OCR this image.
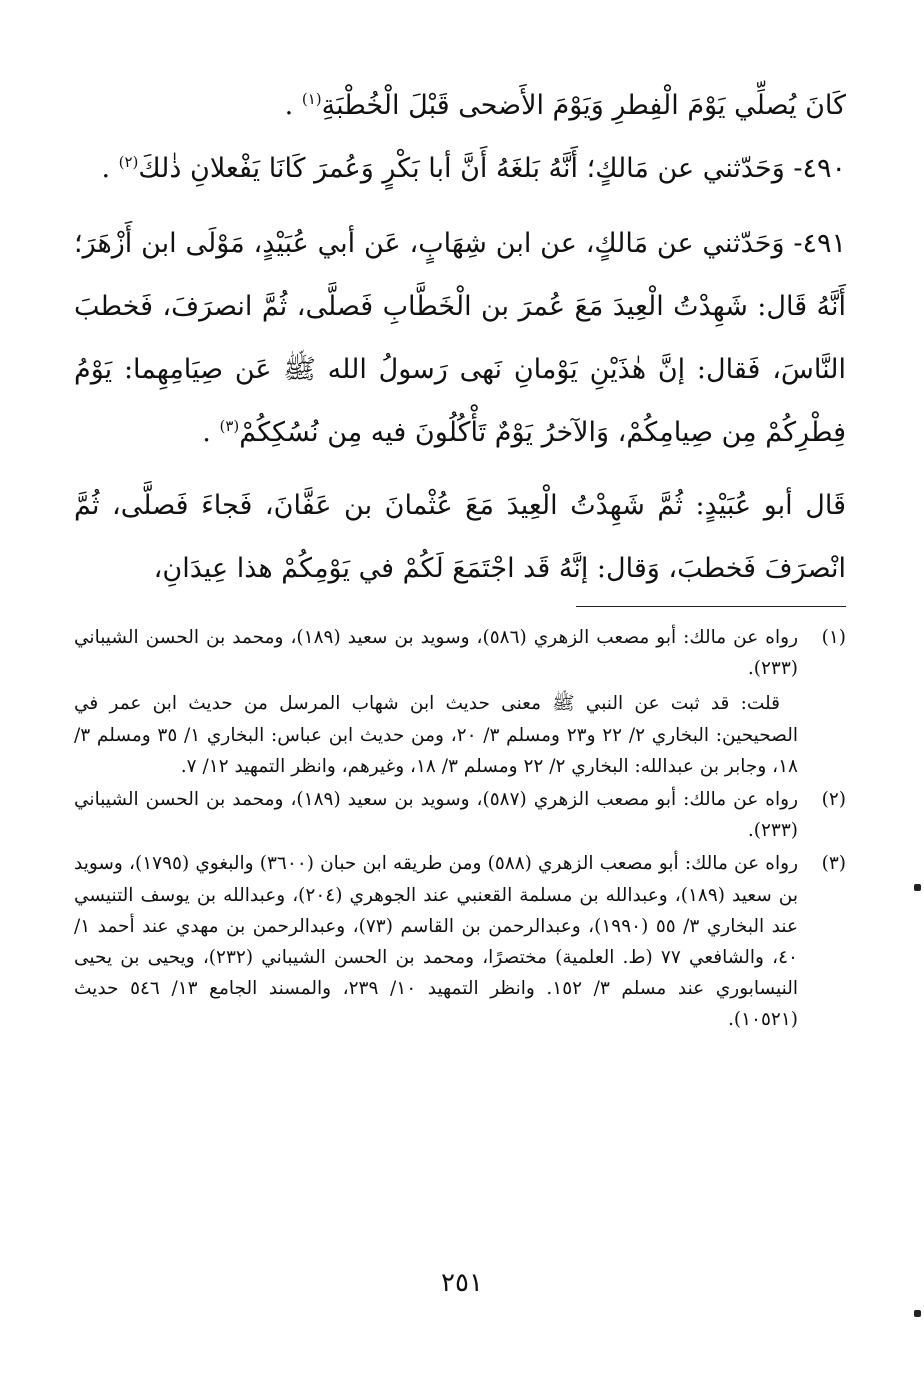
كَانَ يُصلِّي يَوْمَ الْفِطرِ وَيَوْمَ الأَضحى قَبْلَ الْخُطْبَةِ$^{(١)}$ .

٤٩٠- وَحَدّثني عن مَالكٍ؛ أَنَّهُ بَلغَهُ أَنَّ أبا بَكْرٍ وَعُمرَ كَانَا يَفْعلانِ ذٰلكَ$^{(٢)}$ .

٤٩١- وَحَدّثني عن مَالكٍ، عن ابن شِهَابٍ، عَن أبي عُبَيْدٍ، مَوْلَى ابن أَزْهَرَ؛ أَنَّهُ قَال: شَهِدْتُ الْعِيدَ مَعَ عُمرَ بن الْخَطَّابِ فَصلَّى، ثُمَّ انصرَفَ، فَخطبَ النَّاسَ، فَقال: إنَّ هٰذَيْنِ يَوْمانِ نَهى رَسولُ الله ﷺ عَن صِيَامِهِما: يَوْمُ فِطْرِكُمْ مِن صِيامِكُمْ، وَالآخرُ يَوْمٌ تَأْكُلُونَ فيه مِن نُسُكِكُمْ$^{(٣)}$ .

قَال أبو عُبَيْدٍ: ثُمَّ شَهِدْتُ الْعِيدَ مَعَ عُثْمانَ بن عَفَّانَ، فَجاءَ فَصلَّى، ثُمَّ انْصرَفَ فَخطبَ، وَقال: إنَّهُ قَد اجْتَمَعَ لَكُمْ في يَوْمِكُمْ هذا عِيدَانِ،

(١)

رواه عن مالك: أبو مصعب الزهري (٥٨٦)، وسويد بن سعيد (١٨٩)، ومحمد بن الحسن الشيباني (٢٣٣).

قلت: قد ثبت عن النبي ﷺ معنى حديث ابن شهاب المرسل من حديث ابن عمر في الصحيحين: البخاري ٢/ ٢٢ و٢٣ ومسلم ٣/ ٢٠، ومن حديث ابن عباس: البخاري ١/ ٣٥ ومسلم ٣/ ١٨، وجابر بن عبدالله: البخاري ٢/ ٢٢ ومسلم ٣/ ١٨، وغيرهم، وانظر التمهيد ١٢/ ٧.

(٢)

رواه عن مالك: أبو مصعب الزهري (٥٨٧)، وسويد بن سعيد (١٨٩)، ومحمد بن الحسن الشيباني (٢٣٣).

(٣)

رواه عن مالك: أبو مصعب الزهري (٥٨٨) ومن طريقه ابن حبان (٣٦٠٠) والبغوي (١٧٩٥)، وسويد بن سعيد (١٨٩)، وعبدالله بن مسلمة القعنبي عند الجوهري (٢٠٤)، وعبدالله بن يوسف التنيسي عند البخاري ٣/ ٥٥ (١٩٩٠)، وعبدالرحمن بن القاسم (٧٣)، وعبدالرحمن بن مهدي عند أحمد ١/ ٤٠، والشافعي ٧٧ (ط. العلمية) مختصرًا، ومحمد بن الحسن الشيباني (٢٣٢)، ويحيى بن يحيى النيسابوري عند مسلم ٣/ ١٥٢. وانظر التمهيد ١٠/ ٢٣٩، والمسند الجامع ١٣/ ٥٤٦ حديث (١٠٥٢١).

٢٥١
